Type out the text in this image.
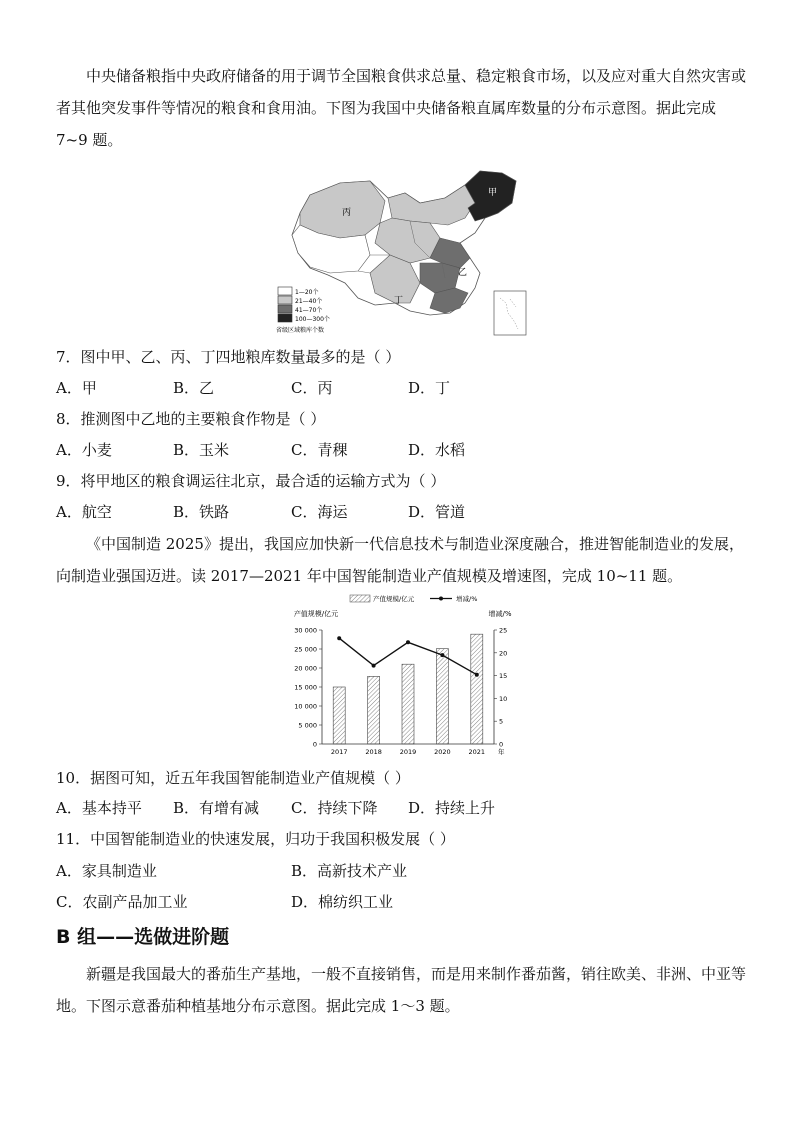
中央储备粮指中央政府储备的用于调节全国粮食供求总量、稳定粮食市场，以及应对重大自然灾害或者其他突发事件等情况的粮食和食用油。下图为我国中央储备粮直属库数量的分布示意图。据此完成 7~9 题。
丙
甲
乙
丁
1—20个
21—40个
41—70个
100—300个
省级区域粮库个数
7．图中甲、乙、丙、丁四地粮库数量最多的是（ ）
A．甲	B．乙	C．丙	D．丁
8．推测图中乙地的主要粮食作物是（ ）
A．小麦	B．玉米	C．青稞	D．水稻
9．将甲地区的粮食调运往北京，最合适的运输方式为（ ）
A．航空	B．铁路	C．海运	D．管道
《中国制造 2025》提出，我国应加快新一代信息技术与制造业深度融合，推进智能制造业的发展，向制造业强国迈进。读 2017—2021 年中国智能制造业产值规模及增速图，完成 10~11 题。
0
5 000
10 000
15 000
20 000
25 000
30 000
0
5
10
15
20
25
产值规模/亿元	增减/%
2017	2018	2019	2020	2021 年
产值规模/亿元	增减/%
10．据图可知，近五年我国智能制造业产值规模（ ）
A．基本持平 B．有增有减 C．持续下降 D．持续上升
11．中国智能制造业的快速发展，归功于我国积极发展（ ）
A．家具制造业	B．高新技术产业
C．农副产品加工业	D．棉纺织工业
B 组——选做进阶题
新疆是我国最大的番茄生产基地，一般不直接销售，而是用来制作番茄酱，销往欧美、非洲、中亚等地。下图示意番茄种植基地分布示意图。据此完成 1～3 题。
